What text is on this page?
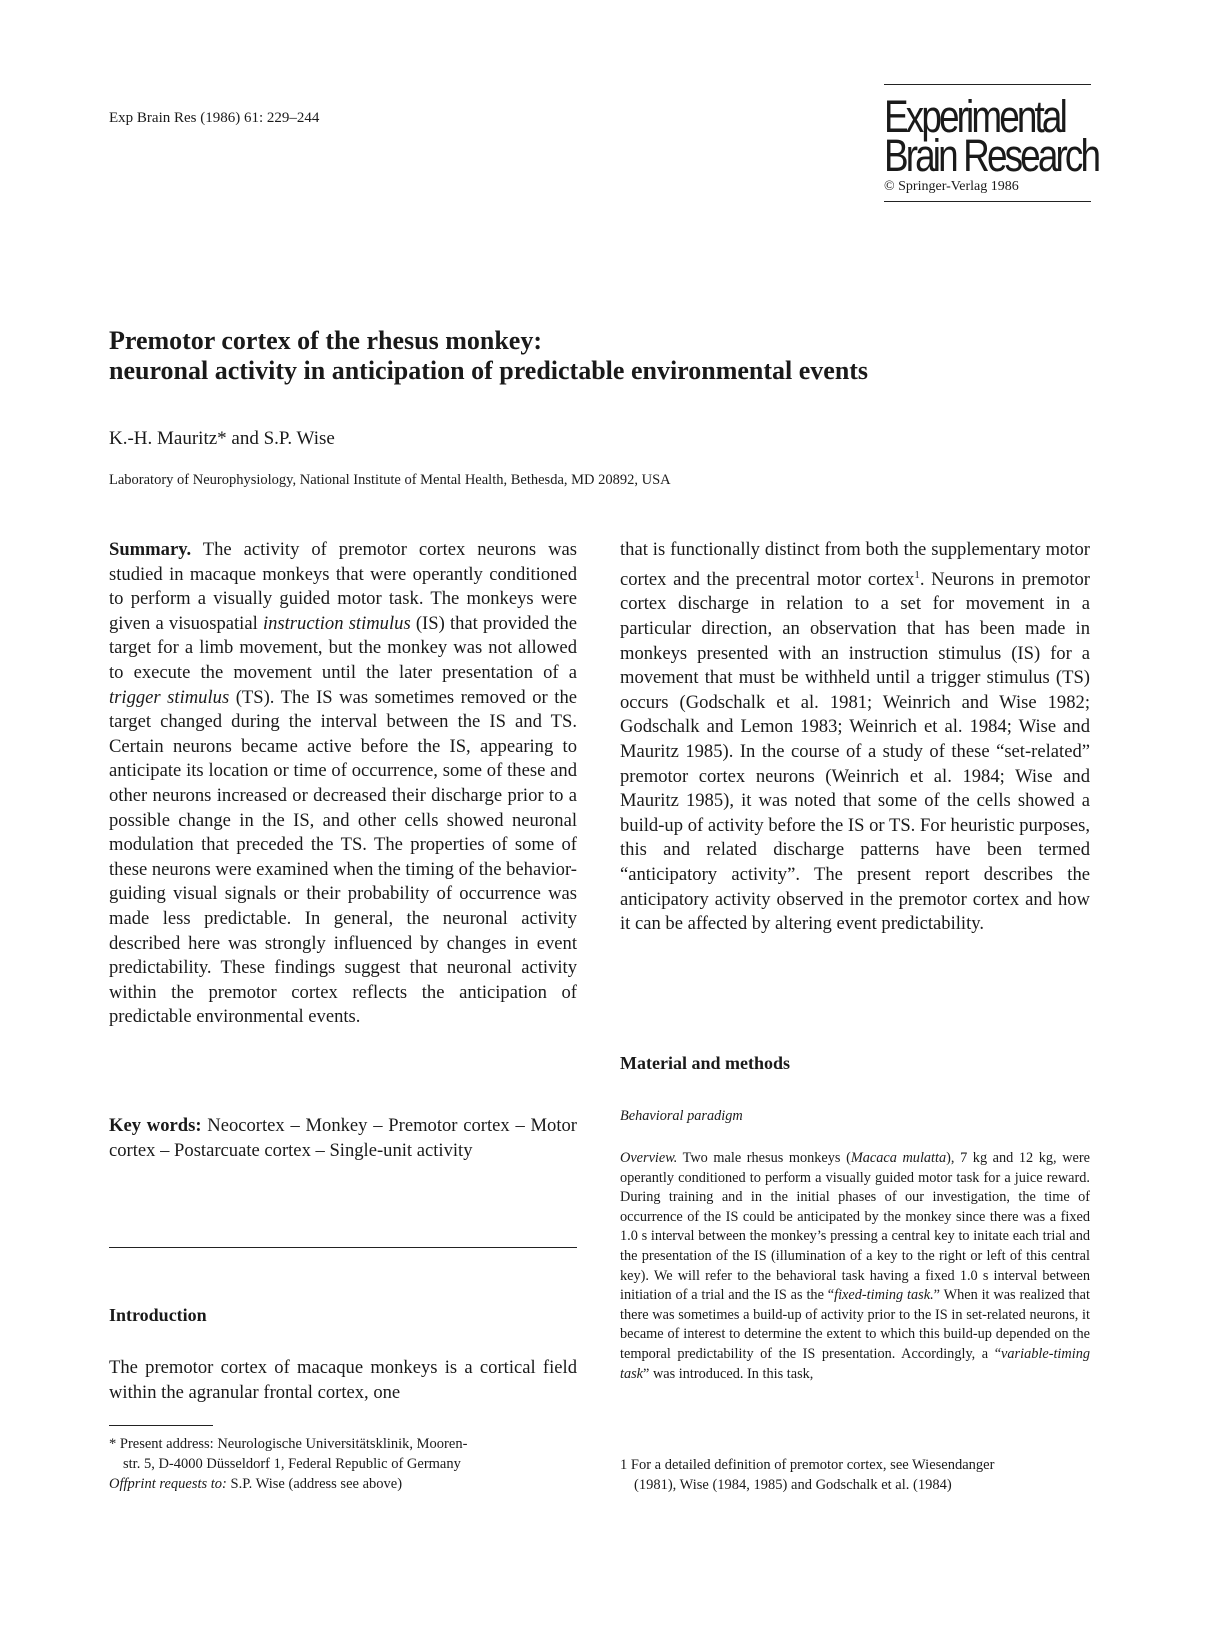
Exp Brain Res (1986) 61: 229–244	Experimental
Brain Research
© Springer-Verlag 1986
Premotor cortex of the rhesus monkey:
neuronal activity in anticipation of predictable environmental events
K.-H. Mauritz* and S.P. Wise
Laboratory of Neurophysiology, National Institute of Mental Health, Bethesda, MD 20892, USA

Summary. The activity of premotor cortex neurons was studied in macaque monkeys that were operantly conditioned to perform a visually guided motor task. The monkeys were given a visuospatial instruction stimulus (IS) that provided the target for a limb movement, but the monkey was not allowed to execute the movement until the later presentation of a trigger stimulus (TS). The IS was sometimes removed or the target changed during the interval between the IS and TS. Certain neurons became active before the IS, appearing to anticipate its location or time of occurrence, some of these and other neurons increased or decreased their discharge prior to a possible change in the IS, and other cells showed neuronal modulation that preceded the TS. The properties of some of these neurons were examined when the timing of the behavior-guiding visual signals or their probability of occurrence was made less predictable. In general, the neuronal activity described here was strongly influenced by changes in event predictability. These findings suggest that neuronal activity within the premotor cortex reflects the anticipation of predictable environmental events.

Key words: Neocortex – Monkey – Premotor cortex – Motor cortex – Postarcuate cortex – Single-unit activity

Introduction

The premotor cortex of macaque monkeys is a cortical field within the agranular frontal cortex, one

* Present address: Neurologische Universitätsklinik, Mooren-
str. 5, D-4000 Düsseldorf 1, Federal Republic of Germany
Offprint requests to: S.P. Wise (address see above)

that is functionally distinct from both the supplementary motor cortex and the precentral motor cortex$^1$. Neurons in premotor cortex discharge in relation to a set for movement in a particular direction, an observation that has been made in monkeys presented with an instruction stimulus (IS) for a movement that must be withheld until a trigger stimulus (TS) occurs (Godschalk et al. 1981; Weinrich and Wise 1982; Godschalk and Lemon 1983; Weinrich et al. 1984; Wise and Mauritz 1985). In the course of a study of these “set-related” premotor cortex neurons (Weinrich et al. 1984; Wise and Mauritz 1985), it was noted that some of the cells showed a build-up of activity before the IS or TS. For heuristic purposes, this and related discharge patterns have been termed “anticipatory activity”. The present report describes the anticipatory activity observed in the premotor cortex and how it can be affected by altering event predictability.

Material and methods
Behavioral paradigm

Overview. Two male rhesus monkeys (Macaca mulatta), 7 kg and 12 kg, were operantly conditioned to perform a visually guided motor task for a juice reward. During training and in the initial phases of our investigation, the time of occurrence of the IS could be anticipated by the monkey since there was a fixed 1.0 s interval between the monkey’s pressing a central key to initate each trial and the presentation of the IS (illumination of a key to the right or left of this central key). We will refer to the behavioral task having a fixed 1.0 s interval between initiation of a trial and the IS as the “fixed-timing task.” When it was realized that there was sometimes a build-up of activity prior to the IS in set-related neurons, it became of interest to determine the extent to which this build-up depended on the temporal predictability of the IS presentation. Accordingly, a “variable-timing task” was introduced. In this task,

1 For a detailed definition of premotor cortex, see Wiesendanger
(1981), Wise (1984, 1985) and Godschalk et al. (1984)
